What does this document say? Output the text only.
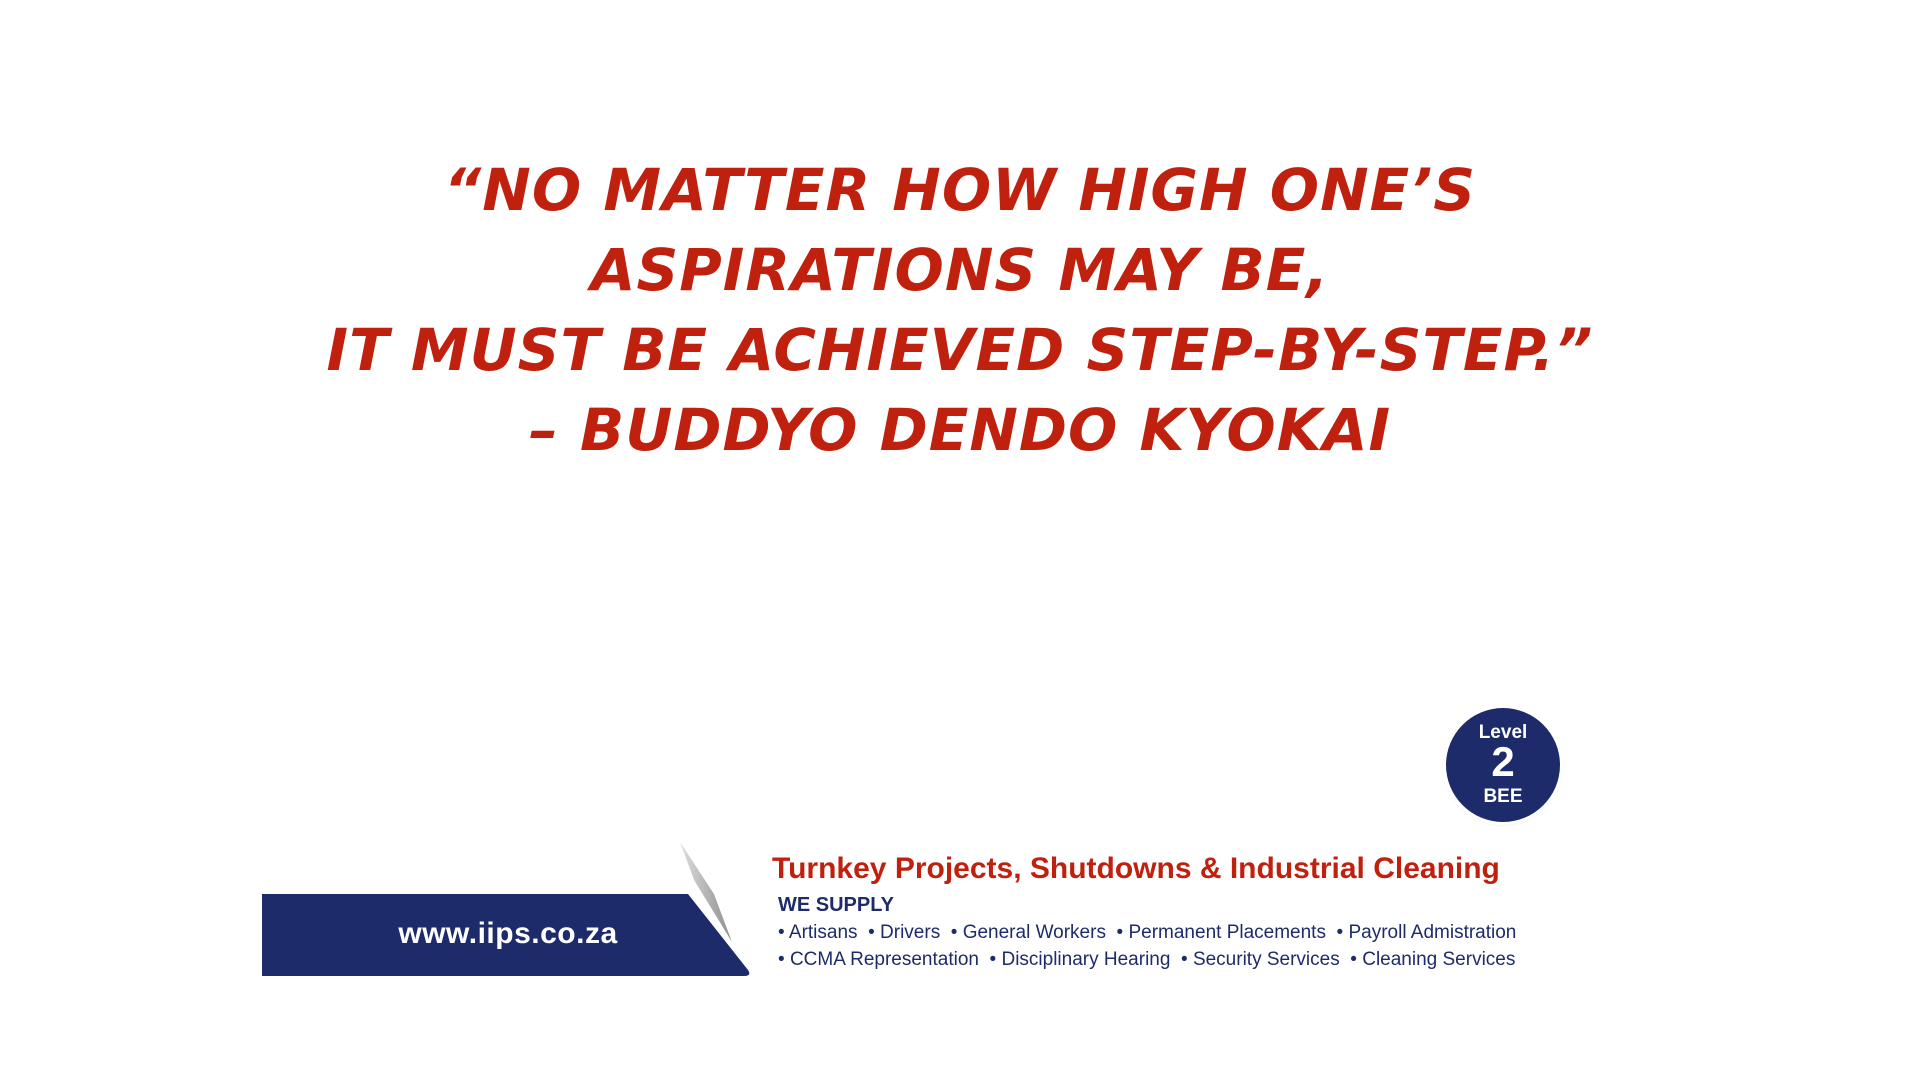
“NO MATTER HOW HIGH ONE’S
ASPIRATIONS MAY BE,
IT MUST BE ACHIEVED STEP-BY-STEP.”
– BUDDYO DENDO KYOKAI
Level
2
BEE
www.iips.co.za
Turnkey Projects, Shutdowns & Industrial Cleaning
WE SUPPLY
• Artisans • Drivers • General Workers • Permanent Placements • Payroll Admistration
• CCMA Representation • Disciplinary Hearing • Security Services • Cleaning Services
